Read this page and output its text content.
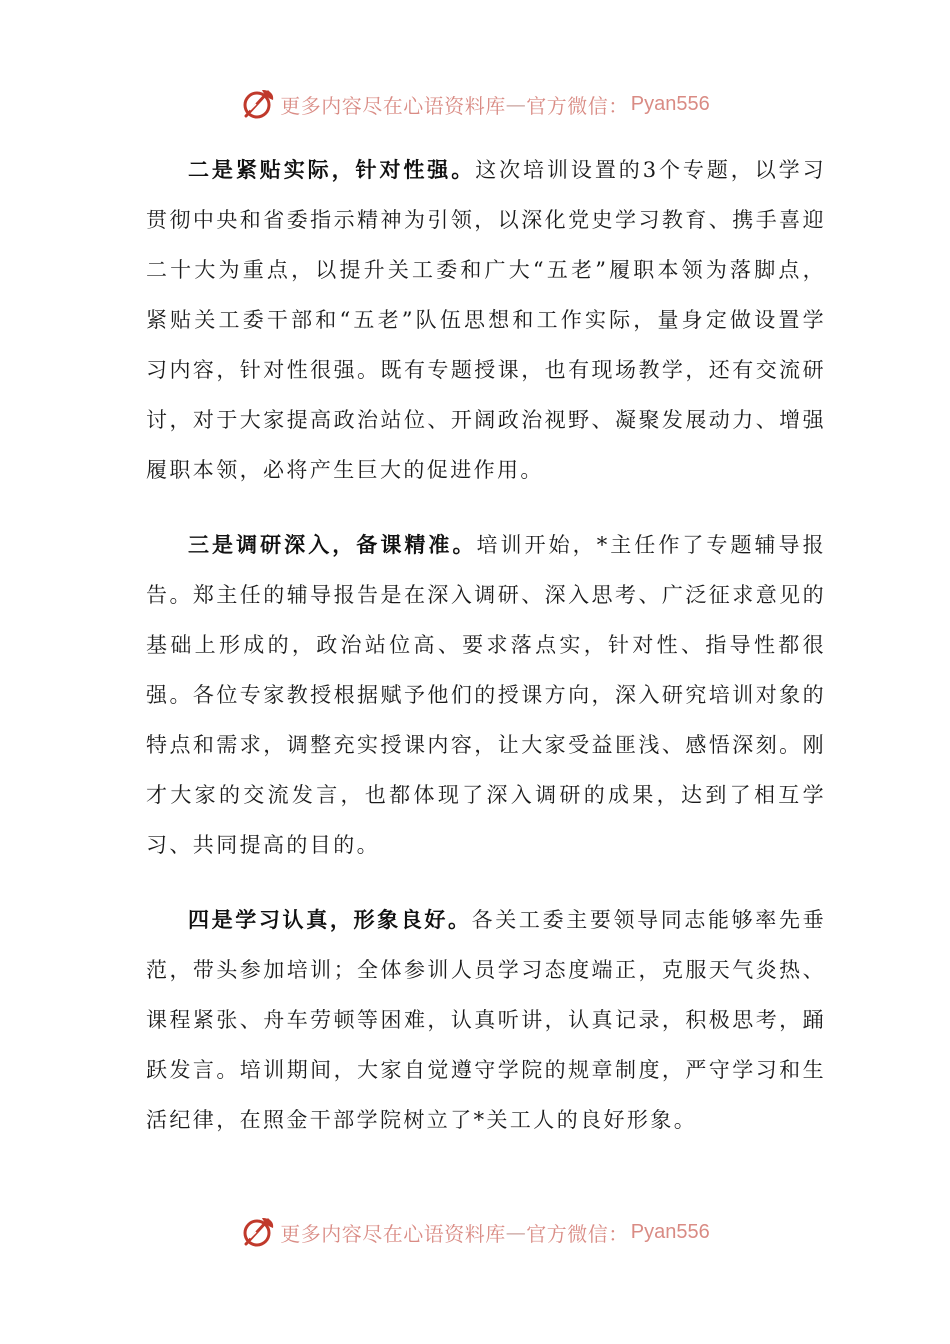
更多内容尽在心语资料库 — 官方微信： Pyan556

二是紧贴实际，针对性强。这次培训设置的3个专题，以学习贯彻中央和省委指示精神为引领，以深化党史学习教育、携手喜迎二十大为重点，以提升关工委和广大“五老”履职本领为落脚点，紧贴关工委干部和“五老”队伍思想和工作实际，量身定做设置学习内容，针对性很强。既有专题授课，也有现场教学，还有交流研讨，对于大家提高政治站位、开阔政治视野、凝聚发展动力、增强履职本领，必将产生巨大的促进作用。

三是调研深入，备课精准。培训开始，*主任作了专题辅导报告。郑主任的辅导报告是在深入调研、深入思考、广泛征求意见的基础上形成的，政治站位高、要求落点实，针对性、指导性都很强。各位专家教授根据赋予他们的授课方向，深入研究培训对象的特点和需求，调整充实授课内容，让大家受益匪浅、感悟深刻。刚才大家的交流发言，也都体现了深入调研的成果，达到了相互学习、共同提高的目的。

四是学习认真，形象良好。各关工委主要领导同志能够率先垂范，带头参加培训；全体参训人员学习态度端正，克服天气炎热、课程紧张、舟车劳顿等困难，认真听讲，认真记录，积极思考，踊跃发言。培训期间，大家自觉遵守学院的规章制度，严守学习和生活纪律，在照金干部学院树立了*关工人的良好形象。

更多内容尽在心语资料库 — 官方微信： Pyan556
